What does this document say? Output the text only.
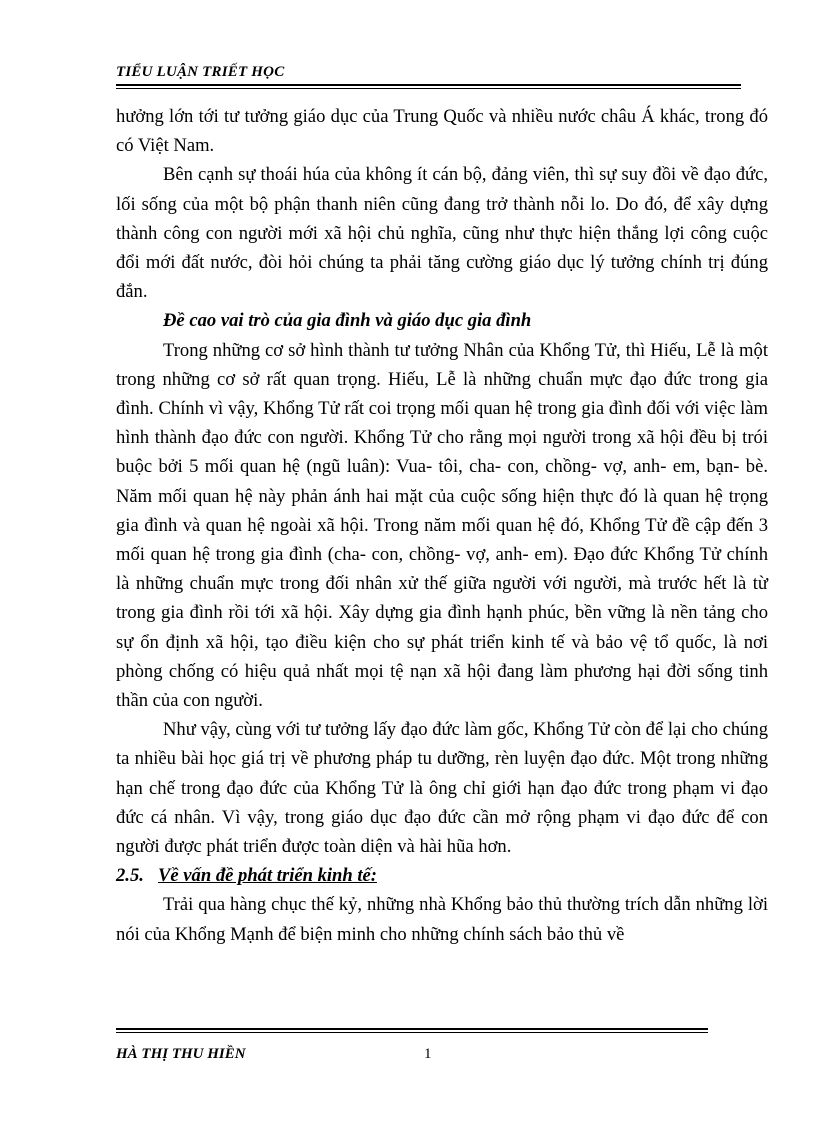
TIỂU LUẬN TRIẾT HỌC

hưởng lớn tới tư tưởng giáo dục của Trung Quốc và nhiều nước châu Á khác, trong đó có Việt Nam.

Bên cạnh sự thoái húa của không ít cán bộ, đảng viên, thì sự suy đồi về đạo đức, lối sống của một bộ phận thanh niên cũng đang trở thành nỗi lo. Do đó, để xây dựng thành công con người mới xã hội chủ nghĩa, cũng như thực hiện thắng lợi công cuộc đổi mới đất nước, đòi hỏi chúng ta phải tăng cường giáo dục lý tưởng chính trị đúng đắn.

Đề cao vai trò của gia đình và giáo dục gia đình

Trong những cơ sở hình thành tư tưởng Nhân của Khổng Tử, thì Hiếu, Lễ là một trong những cơ sở rất quan trọng. Hiếu, Lễ là những chuẩn mực đạo đức trong gia đình. Chính vì vậy, Khổng Tử rất coi trọng mối quan hệ trong gia đình đối với việc làm hình thành đạo đức con người. Khổng Tử cho rằng mọi người trong xã hội đều bị trói buộc bởi 5 mối quan hệ (ngũ luân): Vua- tôi, cha- con, chồng- vợ, anh- em, bạn- bè. Năm mối quan hệ này phản ánh hai mặt của cuộc sống hiện thực đó là quan hệ trọng gia đình và quan hệ ngoài xã hội. Trong năm mối quan hệ đó, Khổng Tử đề cập đến 3 mối quan hệ trong gia đình (cha- con, chồng- vợ, anh- em). Đạo đức Khổng Tử chính là những chuẩn mực trong đối nhân xử thế giữa người với người, mà trước hết là từ trong gia đình rồi tới xã hội. Xây dựng gia đình hạnh phúc, bền vững là nền tảng cho sự ổn định xã hội, tạo điều kiện cho sự phát triển kinh tế và bảo vệ tổ quốc, là nơi phòng chống có hiệu quả nhất mọi tệ nạn xã hội đang làm phương hại đời sống tinh thần của con người.

Như vậy, cùng với tư tưởng lấy đạo đức làm gốc, Khổng Tử còn để lại cho chúng ta nhiều bài học giá trị về phương pháp tu dưỡng, rèn luyện đạo đức. Một trong những hạn chế trong đạo đức của Khổng Tử là ông chỉ giới hạn đạo đức trong phạm vi đạo đức cá nhân. Vì vậy, trong giáo dục đạo đức cần mở rộng phạm vi đạo đức để con người được phát triển được toàn diện và hài hũa hơn.

2.5. Về vấn đề phát triển kinh tế:

Trải qua hàng chục thế kỷ, những nhà Khổng bảo thủ thường trích dẫn những lời nói của Khổng Mạnh để biện minh cho những chính sách bảo thủ về

HÀ THỊ THU HIỀN	1
